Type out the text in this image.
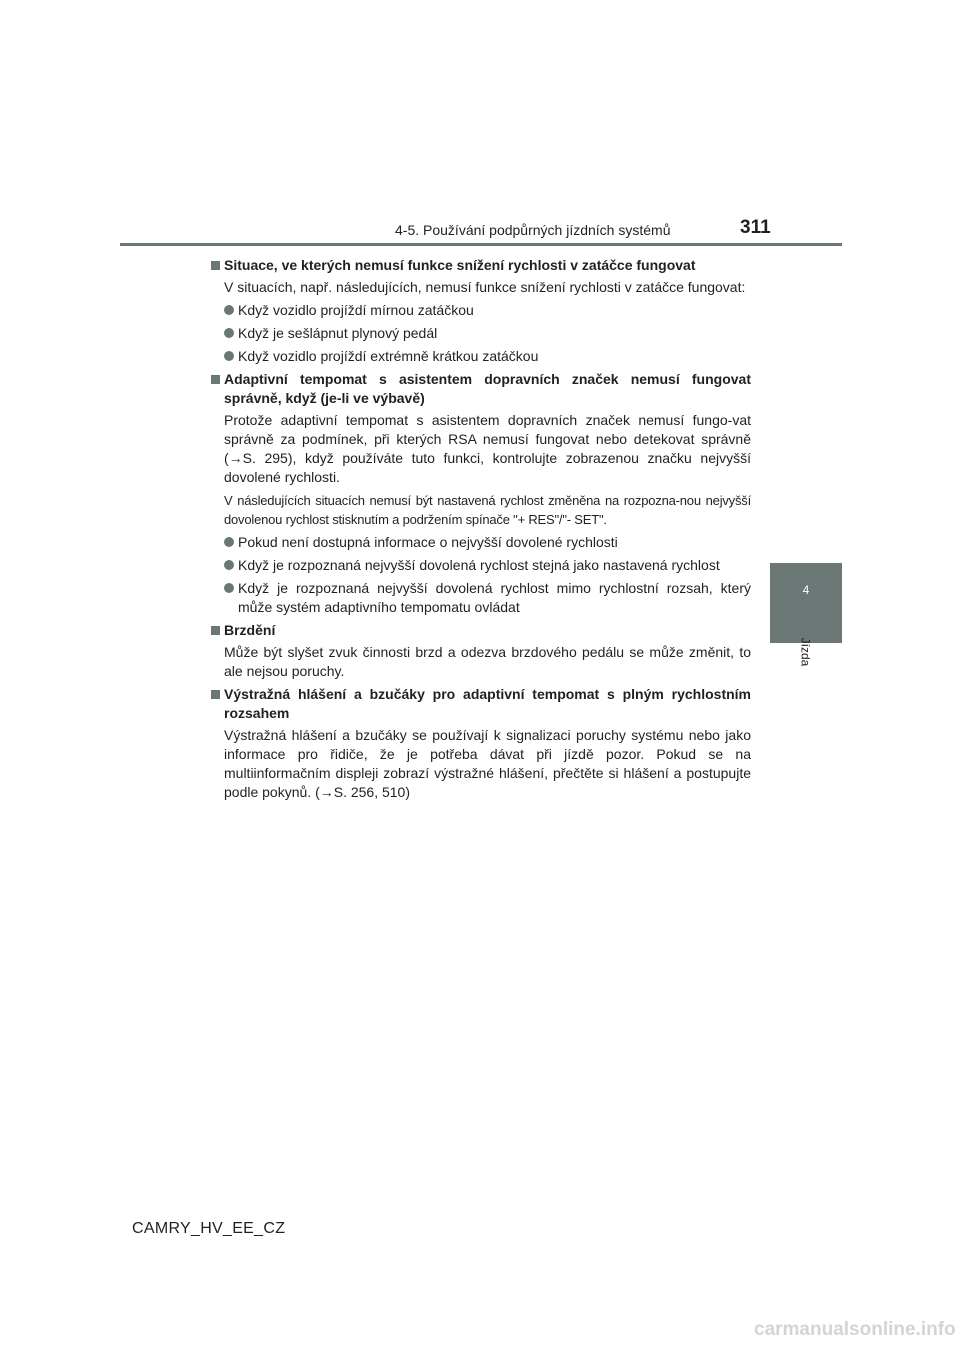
4-5. Používání podpůrných jízdních systémů	311
4
Jízda
Situace, ve kterých nemusí funkce snížení rychlosti v zatáčce fungovat
V situacích, např. následujících, nemusí funkce snížení rychlosti v zatáčce fungovat:
Když vozidlo projíždí mírnou zatáčkou
Když je sešlápnut plynový pedál
Když vozidlo projíždí extrémně krátkou zatáčkou
Adaptivní tempomat s asistentem dopravních značek nemusí fungovat správně, když (je-li ve výbavě)
Protože adaptivní tempomat s asistentem dopravních značek nemusí fungo-vat správně za podmínek, při kterých RSA nemusí fungovat nebo detekovat správně (→S. 295), když používáte tuto funkci, kontrolujte zobrazenou značku nejvyšší dovolené rychlosti.
V následujících situacích nemusí být nastavená rychlost změněna na rozpozna-nou nejvyšší dovolenou rychlost stisknutím a podržením spínače "+ RES"/"- SET".
Pokud není dostupná informace o nejvyšší dovolené rychlosti
Když je rozpoznaná nejvyšší dovolená rychlost stejná jako nastavená rychlost
Když je rozpoznaná nejvyšší dovolená rychlost mimo rychlostní rozsah, který může systém adaptivního tempomatu ovládat
Brzdění
Může být slyšet zvuk činnosti brzd a odezva brzdového pedálu se může změnit, to ale nejsou poruchy.
Výstražná hlášení a bzučáky pro adaptivní tempomat s plným rychlostním rozsahem
Výstražná hlášení a bzučáky se používají k signalizaci poruchy systému nebo jako informace pro řidiče, že je potřeba dávat při jízdě pozor. Pokud se na multiinformačním displeji zobrazí výstražné hlášení, přečtěte si hlášení a postupujte podle pokynů. (→S. 256, 510)
CAMRY_HV_EE_CZ
carmanualsonline.info
